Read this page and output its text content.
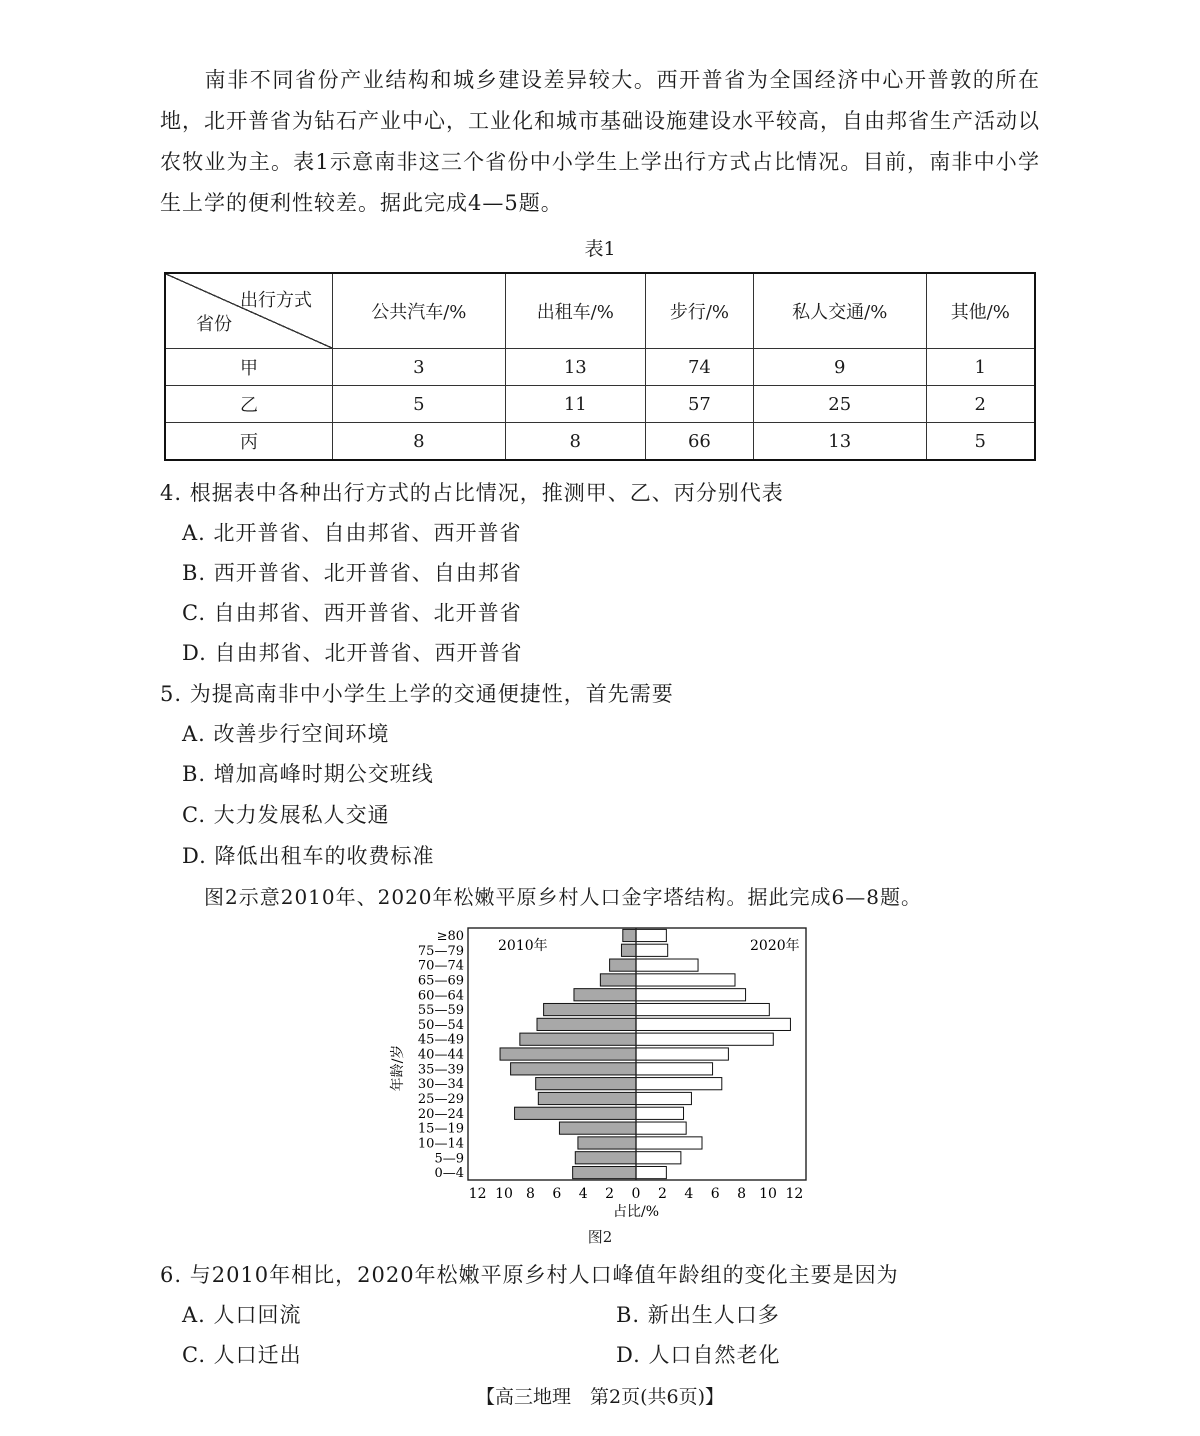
南非不同省份产业结构和城乡建设差异较大。西开普省为全国经济中心开普敦的所在地，北开普省为钻石产业中心，工业化和城市基础设施建设水平较高，自由邦省生产活动以农牧业为主。表1示意南非这三个省份中小学生上学出行方式占比情况。目前，南非中小学生上学的便利性较差。据此完成4—5题。
表1
出行方式
省份	公共汽车/%	出租车/%	步行/%	私人交通/%	其他/%
甲	3	13	74	9	1
乙	5	11	57	25	2
丙	8	8	66	13	5
4. 根据表中各种出行方式的占比情况，推测甲、乙、丙分别代表
A. 北开普省、自由邦省、西开普省
B. 西开普省、北开普省、自由邦省
C. 自由邦省、西开普省、北开普省
D. 自由邦省、北开普省、西开普省
5. 为提高南非中小学生上学的交通便捷性，首先需要
A. 改善步行空间环境
B. 增加高峰时期公交班线
C. 大力发展私人交通
D. 降低出租车的收费标准
图2示意2010年、2020年松嫩平原乡村人口金字塔结构。据此完成6—8题。
0—4
5—9
10—14
15—19
20—24
25—29
30—34
35—39
40—44
45—49
50—54
55—59
60—64
65—69
70—74
75—79
≥80
12 10 8 6 4 2 0 2 4 6 8 10 12
2010年	2020年
年龄/岁
占比/%
图2
6. 与2010年相比，2020年松嫩平原乡村人口峰值年龄组的变化主要是因为
A. 人口回流	B. 新出生人口多
C. 人口迁出	D. 人口自然老化
【高三地理　第2页(共6页)】
